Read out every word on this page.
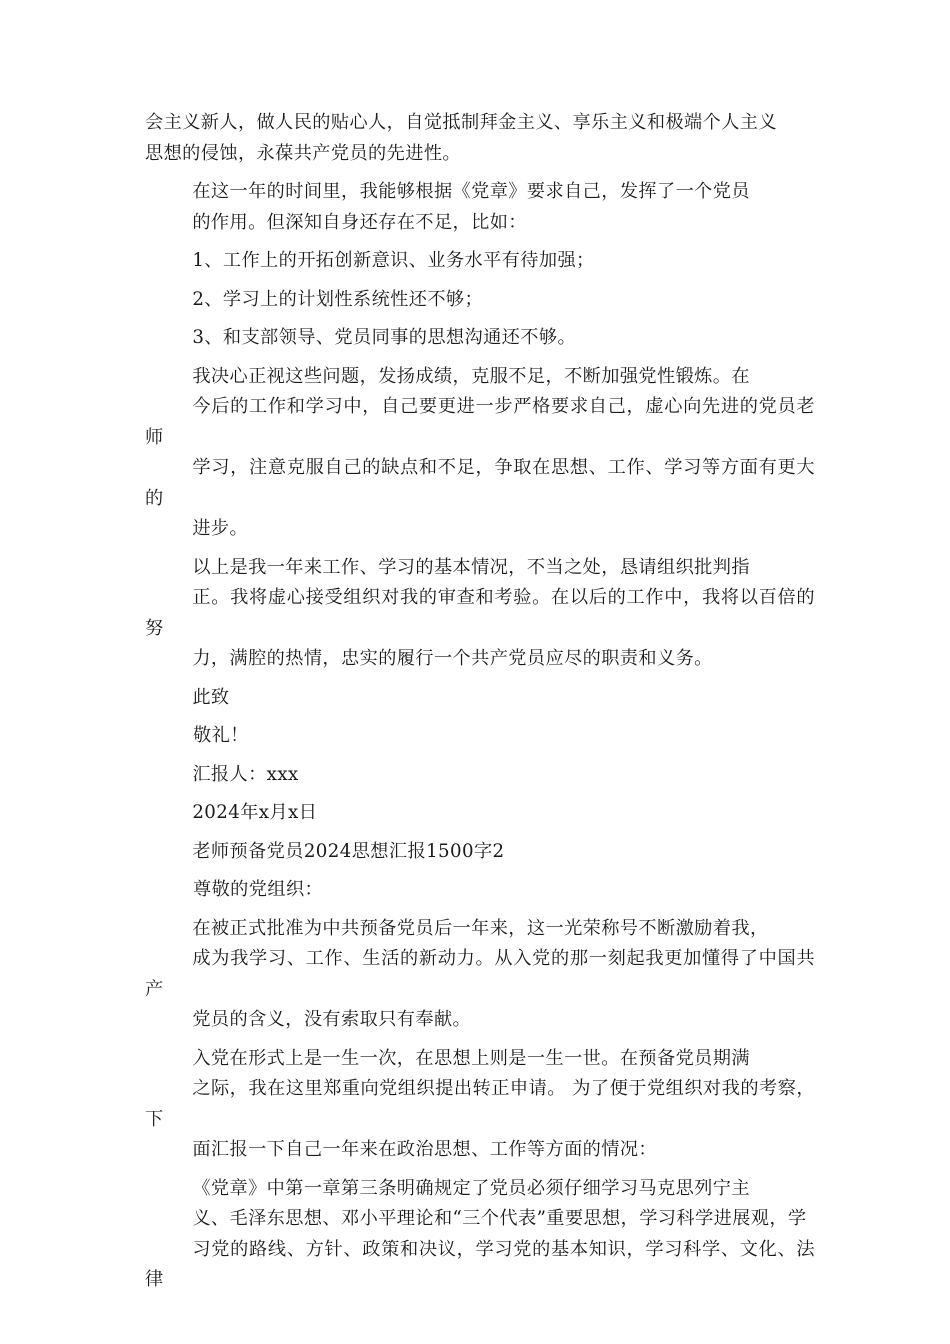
会主义新人，做人民的贴心人，自觉抵制拜金主义、享乐主义和极端个人主义
思想的侵蚀，永葆共产党员的先进性。

在这一年的时间里，我能够根据《党章》要求自己，发挥了一个党员
的作用。但深知自身还存在不足，比如：

1、工作上的开拓创新意识、业务水平有待加强；

2、学习上的计划性系统性还不够；

3、和支部领导、党员同事的思想沟通还不够。

我决心正视这些问题，发扬成绩，克服不足，不断加强党性锻炼。在
今后的工作和学习中，自己要更进一步严格要求自己，虚心向先进的党员老师
学习，注意克服自己的缺点和不足，争取在思想、工作、学习等方面有更大的
进步。

以上是我一年来工作、学习的基本情况，不当之处，恳请组织批判指
正。我将虚心接受组织对我的审查和考验。在以后的工作中，我将以百倍的努
力，满腔的热情，忠实的履行一个共产党员应尽的职责和义务。

此致

敬礼！

汇报人：xxx

2024年x月x日

老师预备党员2024思想汇报1500字2

尊敬的党组织：

在被正式批准为中共预备党员后一年来，这一光荣称号不断激励着我，
成为我学习、工作、生活的新动力。从入党的那一刻起我更加懂得了中国共产
党员的含义，没有索取只有奉献。

入党在形式上是一生一次，在思想上则是一生一世。在预备党员期满
之际，我在这里郑重向党组织提出转正申请。 为了便于党组织对我的考察，下
面汇报一下自己一年来在政治思想、工作等方面的情况：

《党章》中第一章第三条明确规定了党员必须仔细学习马克思列宁主
义、毛泽东思想、邓小平理论和“三个代表”重要思想，学习科学进展观，学
习党的路线、方针、政策和决议，学习党的基本知识，学习科学、文化、法律
